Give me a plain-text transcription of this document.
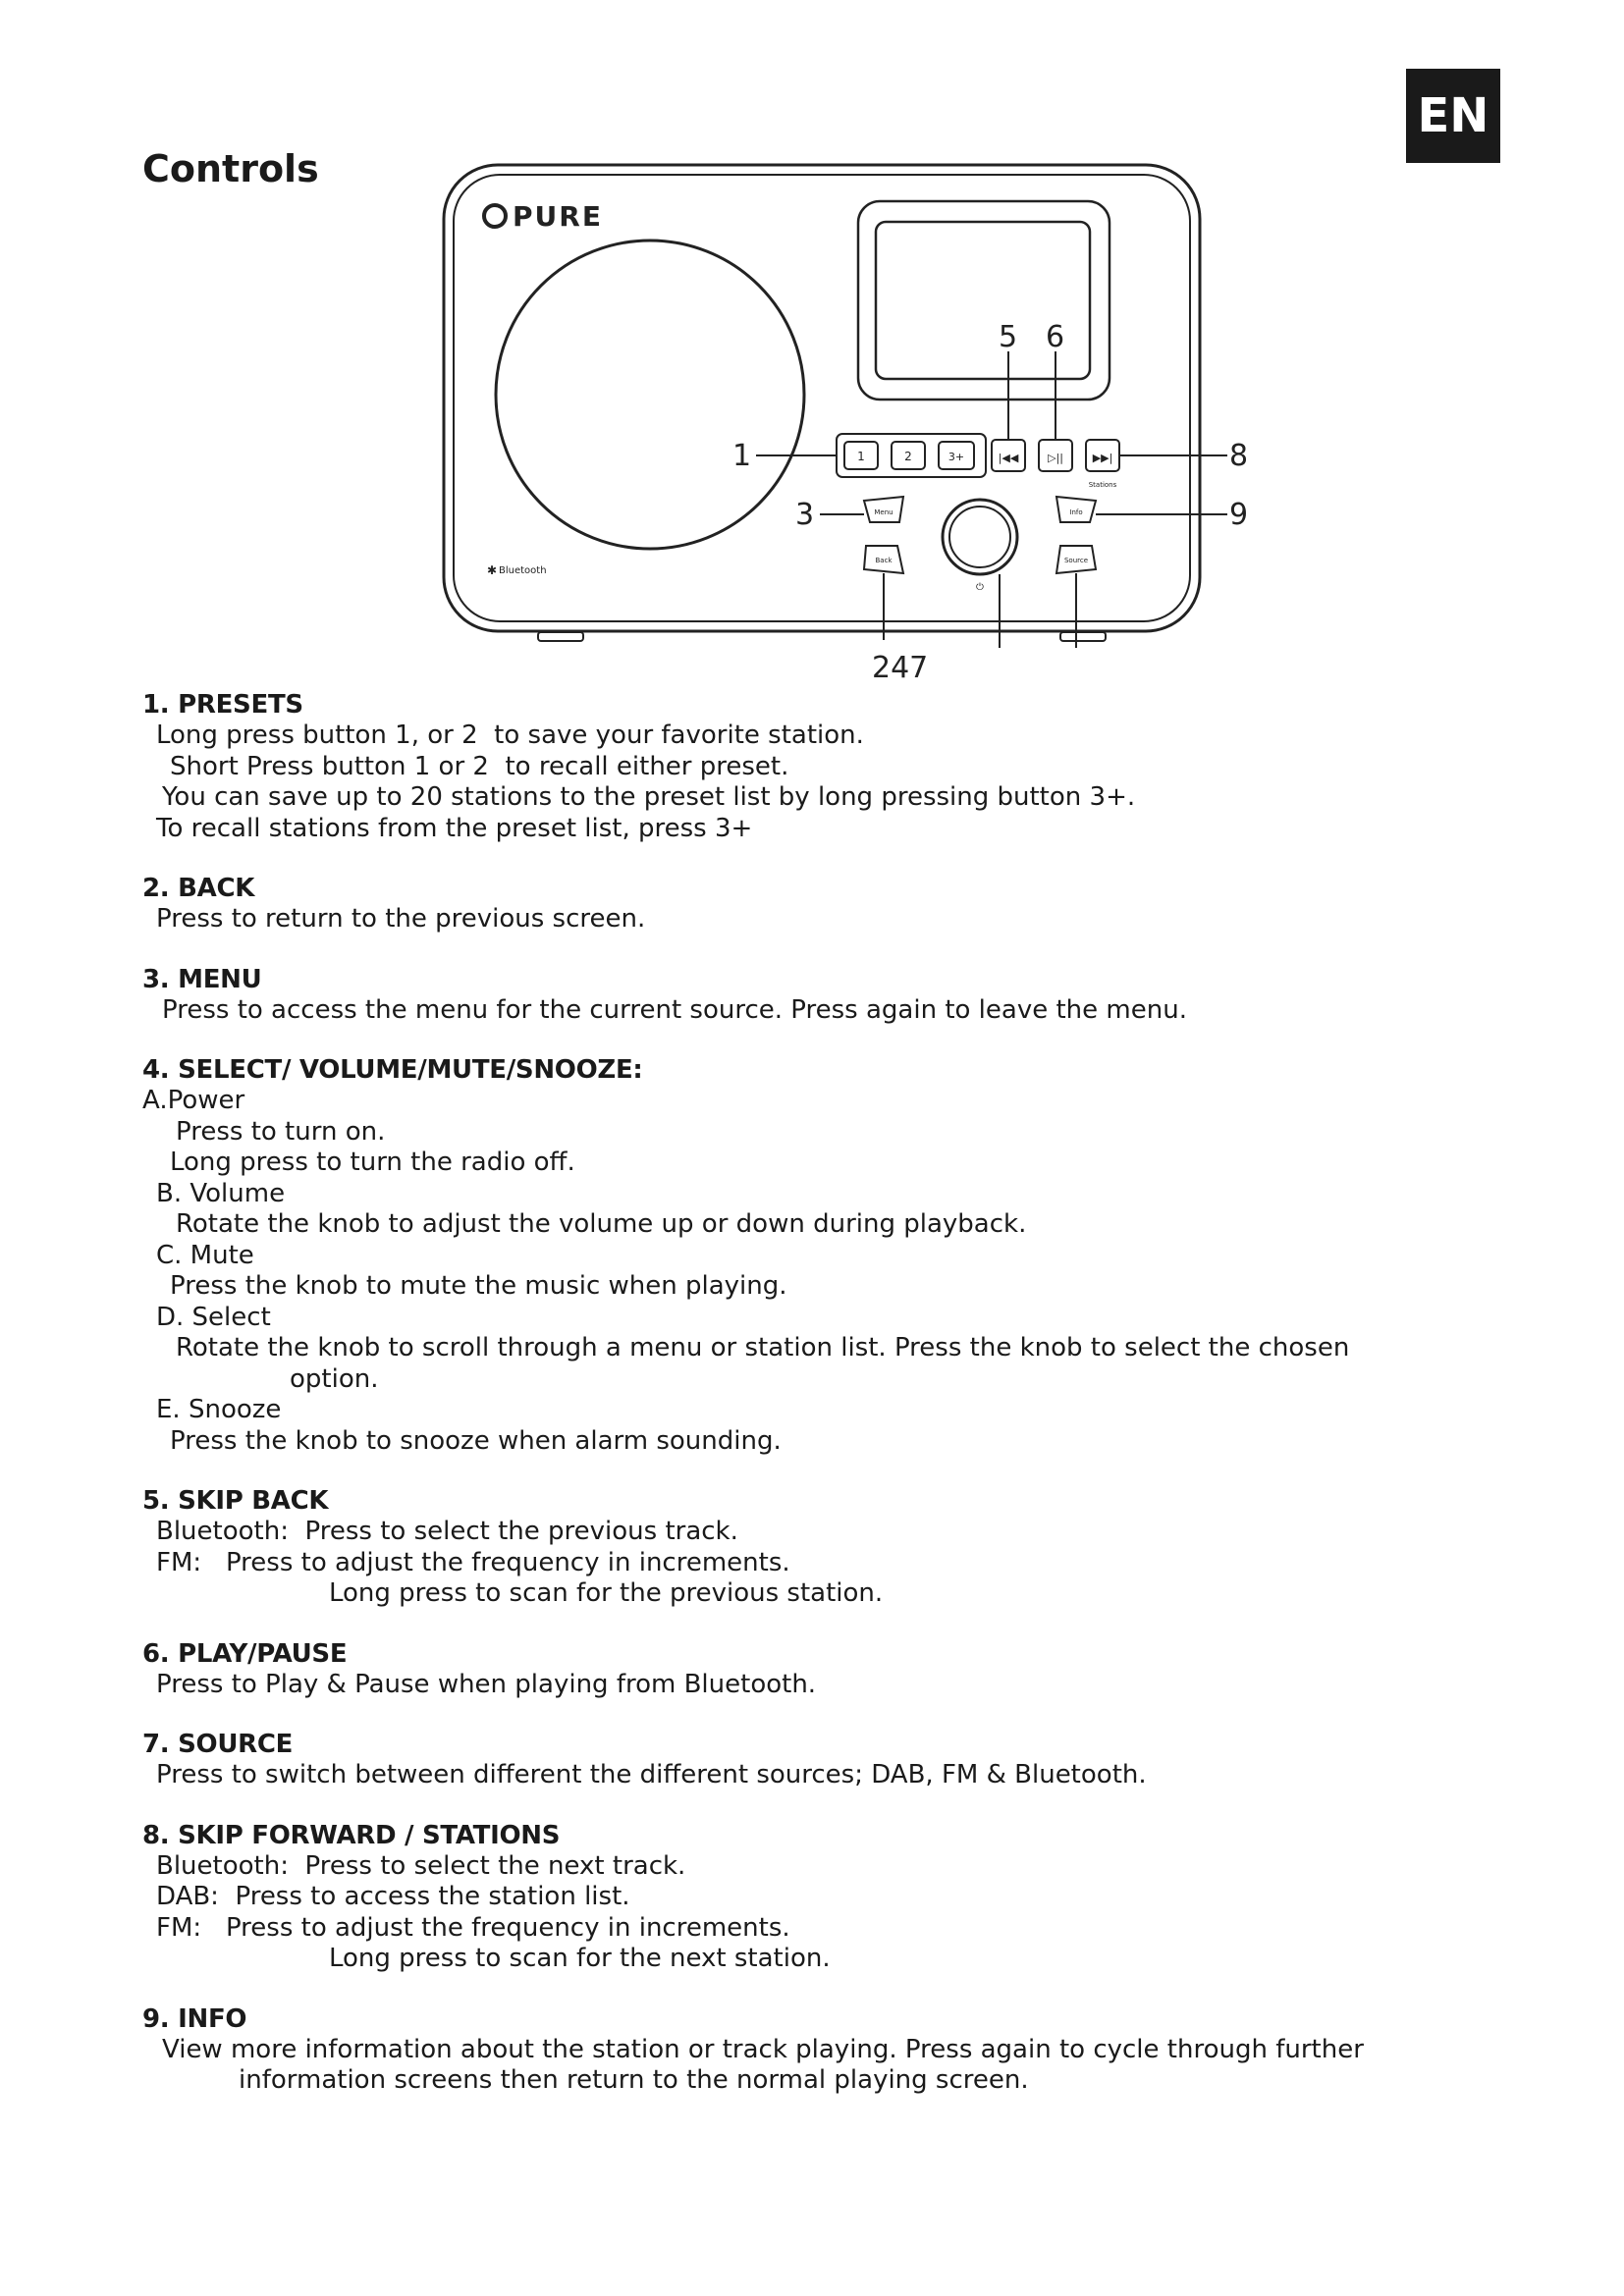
EN
Controls
PURE
✱ Bluetooth
1	2	3+	|◀◀	▷||	▶▶|
Stations
Menu
Back
⏻
Info
Source
1
3
5 6
8
9
247
1. PRESETS
Long press button 1, or 2  to save your favorite station.
Short Press button 1 or 2  to recall either preset.
You can save up to 20 stations to the preset list by long pressing button 3+.
To recall stations from the preset list, press 3+
2. BACK
Press to return to the previous screen.
3. MENU
Press to access the menu for the current source. Press again to leave the menu.
4. SELECT/ VOLUME/MUTE/SNOOZE:
A.Power
Press to turn on.
Long press to turn the radio off.
B. Volume
Rotate the knob to adjust the volume up or down during playback.
C. Mute
Press the knob to mute the music when playing.
D. Select
Rotate the knob to scroll through a menu or station list. Press the knob to select the chosen
option.
E. Snooze
Press the knob to snooze when alarm sounding.
5. SKIP BACK
Bluetooth:  Press to select the previous track.
FM:   Press to adjust the frequency in increments.
Long press to scan for the previous station.
6. PLAY/PAUSE
Press to Play & Pause when playing from Bluetooth.
7. SOURCE
Press to switch between different the different sources; DAB, FM & Bluetooth.
8. SKIP FORWARD / STATIONS
Bluetooth:  Press to select the next track.
DAB:  Press to access the station list.
FM:   Press to adjust the frequency in increments.
Long press to scan for the next station.
9. INFO
View more information about the station or track playing. Press again to cycle through further
information screens then return to the normal playing screen.
